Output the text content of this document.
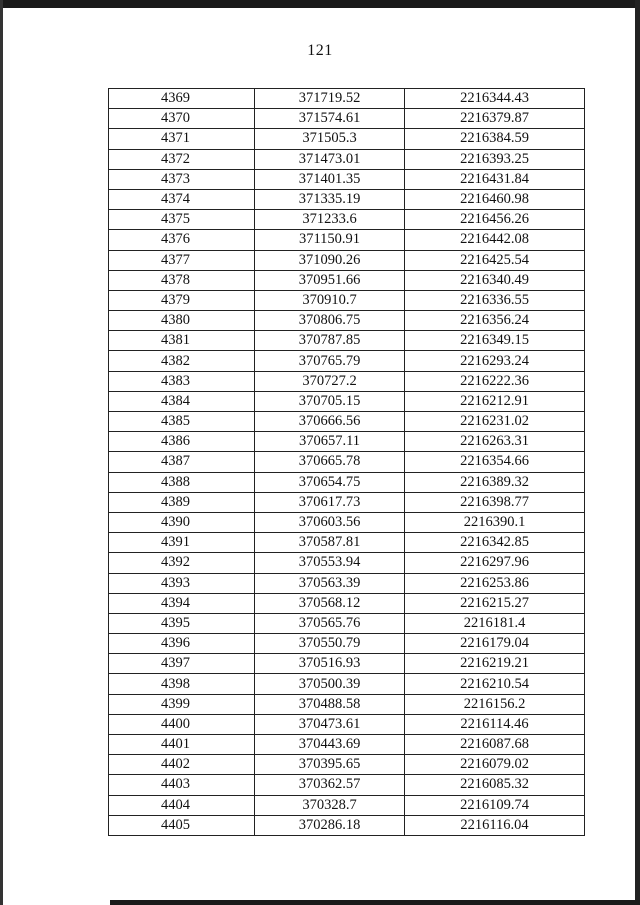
121
4369	371719.52	2216344.43
4370	371574.61	2216379.87
4371	371505.3	2216384.59
4372	371473.01	2216393.25
4373	371401.35	2216431.84
4374	371335.19	2216460.98
4375	371233.6	2216456.26
4376	371150.91	2216442.08
4377	371090.26	2216425.54
4378	370951.66	2216340.49
4379	370910.7	2216336.55
4380	370806.75	2216356.24
4381	370787.85	2216349.15
4382	370765.79	2216293.24
4383	370727.2	2216222.36
4384	370705.15	2216212.91
4385	370666.56	2216231.02
4386	370657.11	2216263.31
4387	370665.78	2216354.66
4388	370654.75	2216389.32
4389	370617.73	2216398.77
4390	370603.56	2216390.1
4391	370587.81	2216342.85
4392	370553.94	2216297.96
4393	370563.39	2216253.86
4394	370568.12	2216215.27
4395	370565.76	2216181.4
4396	370550.79	2216179.04
4397	370516.93	2216219.21
4398	370500.39	2216210.54
4399	370488.58	2216156.2
4400	370473.61	2216114.46
4401	370443.69	2216087.68
4402	370395.65	2216079.02
4403	370362.57	2216085.32
4404	370328.7	2216109.74
4405	370286.18	2216116.04
